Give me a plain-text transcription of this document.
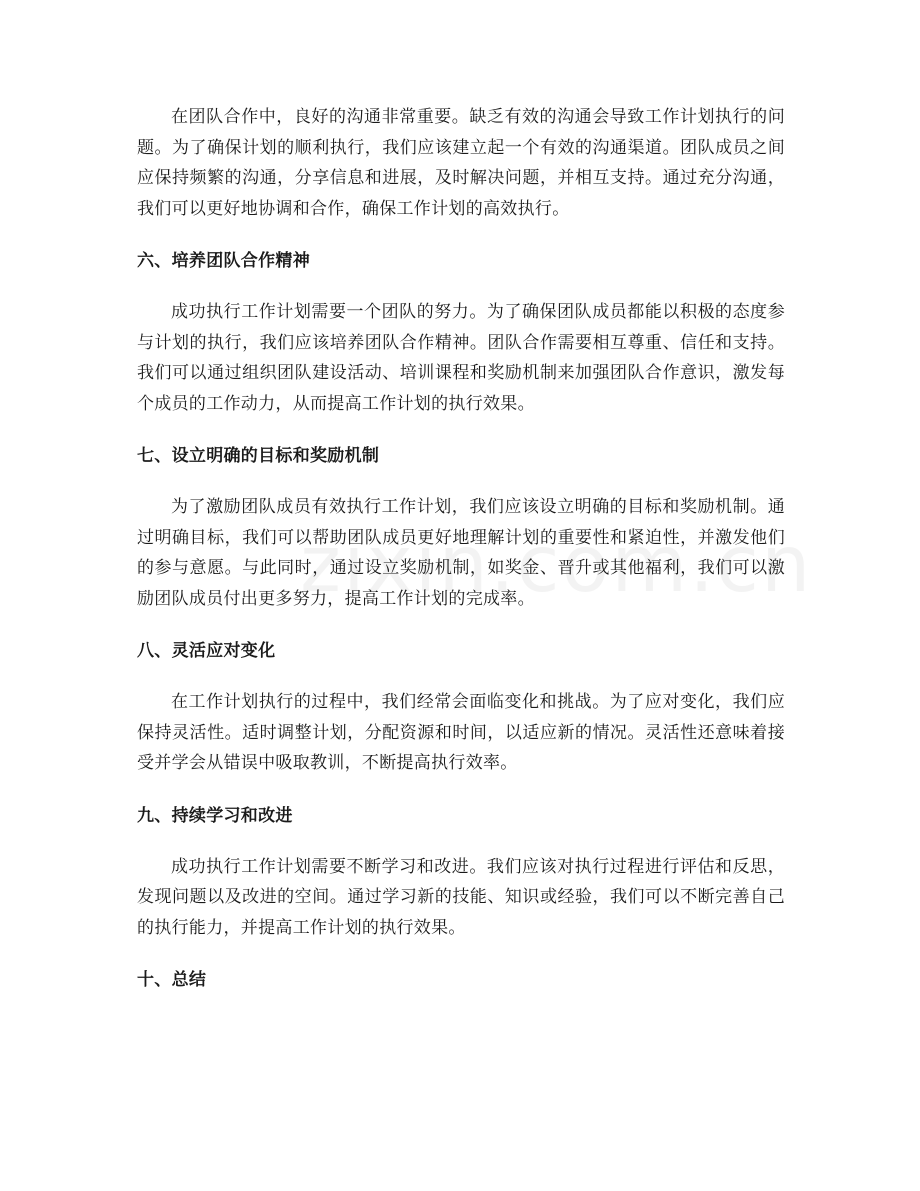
在团队合作中，良好的沟通非常重要。缺乏有效的沟通会导致工作计划执行的问题。为了确保计划的顺利执行，我们应该建立起一个有效的沟通渠道。团队成员之间应保持频繁的沟通，分享信息和进展，及时解决问题，并相互支持。通过充分沟通，我们可以更好地协调和合作，确保工作计划的高效执行。

六、培养团队合作精神

成功执行工作计划需要一个团队的努力。为了确保团队成员都能以积极的态度参与计划的执行，我们应该培养团队合作精神。团队合作需要相互尊重、信任和支持。我们可以通过组织团队建设活动、培训课程和奖励机制来加强团队合作意识，激发每个成员的工作动力，从而提高工作计划的执行效果。

七、设立明确的目标和奖励机制

为了激励团队成员有效执行工作计划，我们应该设立明确的目标和奖励机制。通过明确目标，我们可以帮助团队成员更好地理解计划的重要性和紧迫性，并激发他们的参与意愿。与此同时，通过设立奖励机制，如奖金、晋升或其他福利，我们可以激励团队成员付出更多努力，提高工作计划的完成率。

八、灵活应对变化

在工作计划执行的过程中，我们经常会面临变化和挑战。为了应对变化，我们应保持灵活性。适时调整计划，分配资源和时间，以适应新的情况。灵活性还意味着接受并学会从错误中吸取教训，不断提高执行效率。

九、持续学习和改进

成功执行工作计划需要不断学习和改进。我们应该对执行过程进行评估和反思，发现问题以及改进的空间。通过学习新的技能、知识或经验，我们可以不断完善自己的执行能力，并提高工作计划的执行效果。

十、总结
